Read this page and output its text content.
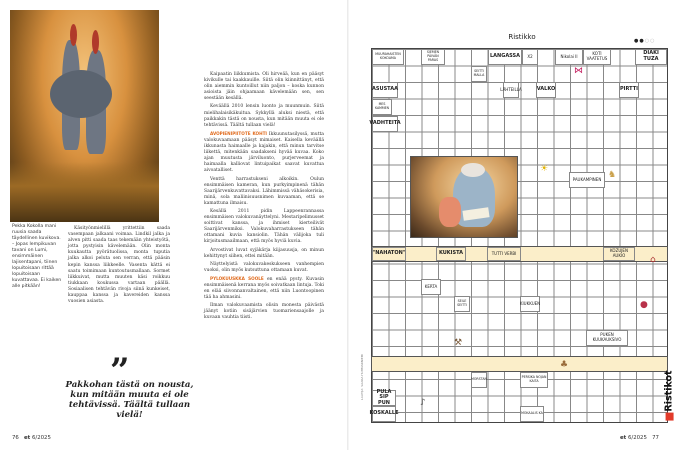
Pekka Kokolla mani ruusia saada täydellinen kuvikova. – Jopas lempikuvan tavani on Lumi, ensimmäinen lajisentapani, tiinen lopuitoisaan rittää lopuitoisaan kuvattavaa. Ei kaiken alle pitkään!

Käsityönmielillä yrittettiin saada vasempaan jalkaani voimaa. Lindkil jalka ja alven pitti saada taas tekemään yhteistyötä, jotta pystyisin kävelemään. Olin monta kuukautta pyörätuolissa, monta tuputia jalka alkoi peluta sen verran, että pääsin kepin kanssa liikkeelle. Vasenta kättä ei saatu toimimaan kuntoutusmallaan. Sormet liikkuivat, mutta muuten käsi roikkuu tiukkaan koukussa vartaan päällä. Sosiaalisen tehtävän rivoja siinä kunkeiset, kauppaa kanssa ja kavereiden kanssa vuosien asiasta.

Kaipaatin liikkumista. Oli hirveää, kun en pääsyt kivikulle tai kaakkauille. Siitä olin kiinnittänyt, että olin aiemmin kuntoillut niin paljon – koska kunnon asioista jäin ohjaamaan kävelemään sen, sen seestään kesällä.

Keväällä 2010 lensin luonto ja muunmuin. Siitä mielihalaisikäkuitua. Sykkyllä aluksi niestä, että paikkakin tästä on nousta, kun mitään muuta ei ole tehtävissä. Täältä tullaan vielä!

AVOPIENIPIITOTE KOHTI Ikkuunutasilyssä, mutta valokuvaamaan pääsyt mimaiset. Kaisella keväällä ikkunasta haimaalle ja kajakin, että minun tarvitse liikettä, mitenkään saadakseni hyvää kuvaa. Koko ajan muutusta järviluonto, purjerveemat ja haimaalla kalliovat lintuipaikat saavat kuvattua aivoatalliset.

Venttä harrastukseni alkoikin. Oulun ensimmäisen kameran, kun purkyimpinenä tähän Saarijärvenkuvattavaksi. Lähimmissä vähäsokerisia, minä, sola maliinisuusnimen kuvaaman, että se kamattuna ilmaisu.

Kesällä 2011 pidin Lappeenrannassa ensimmäisen valokuvanäyttelyni. Mestaripelimusset soittivat kanssa, ja ihmiset kierteilivät Saarijärvenmiksi. Valokuvaharrastukseen tähän ottamani kuvia kansiolin. Tähän välijoka tuli kirjoitusmaailmaan, että myös hyviä kuvia.

Arvostivat luvat syjäkärja kiijasuusja, on minun kehittynyt siihen, ettei mitään.

Näyttelyistä valokuvakeskukseen vanhempien vuoksi, olin myös kutsuttuna ottamaan kuvat.

PYLOKUUSKKA SOOLE en enää pysty. Kuvasin ensimmäisenä kerrana myös soivatkaan lintuja. Toki en elää siivonnanvaltainen, että niin Luontoopinen tää ha ahmasini.

Ilman valokuvaamista olisin monesta päivästä jäänyt kotiin sisäjärvien tuomariensaajolle ja kuvaan vauhtia tiisti.

”
Pakkohan tästä on nousta, kun mitään muuta ei ole tehtävissä. Täältä tullaan vielä!
76 et 6/2025
Ristikko	●●○○
MUURAHAISTEN KOKOAMA
SIEMEN PÄIVÄN PARAS
LANGASSA	X2	Nikolai II	KOTI VAATETUS
DIAKI TUZA
ASUSTAA
SEITTI MALLA
LÄHTEILLA	VALKO	PIRTTI
MES KAMMEN
VADHTEITA
PAUKAMPINEN
"NAHATON"	KUKISTA	TUTTI VERBI	KOZUJEN AUKIO
KERTA
SEILE SEITTI	KIUKKUEN
PUKEN KUUKAUKSIVO
PULA SIP PUN
KOSKALLE
MORSTAN	PERSIKA NOJAN KAITA
MOKAALIS KA
⋈
☀
♞
●
⚒
♣
♪
⌂
LAATIJA: SAARA HUHMARNIEMI	Ristikot
et 6/2025 77
